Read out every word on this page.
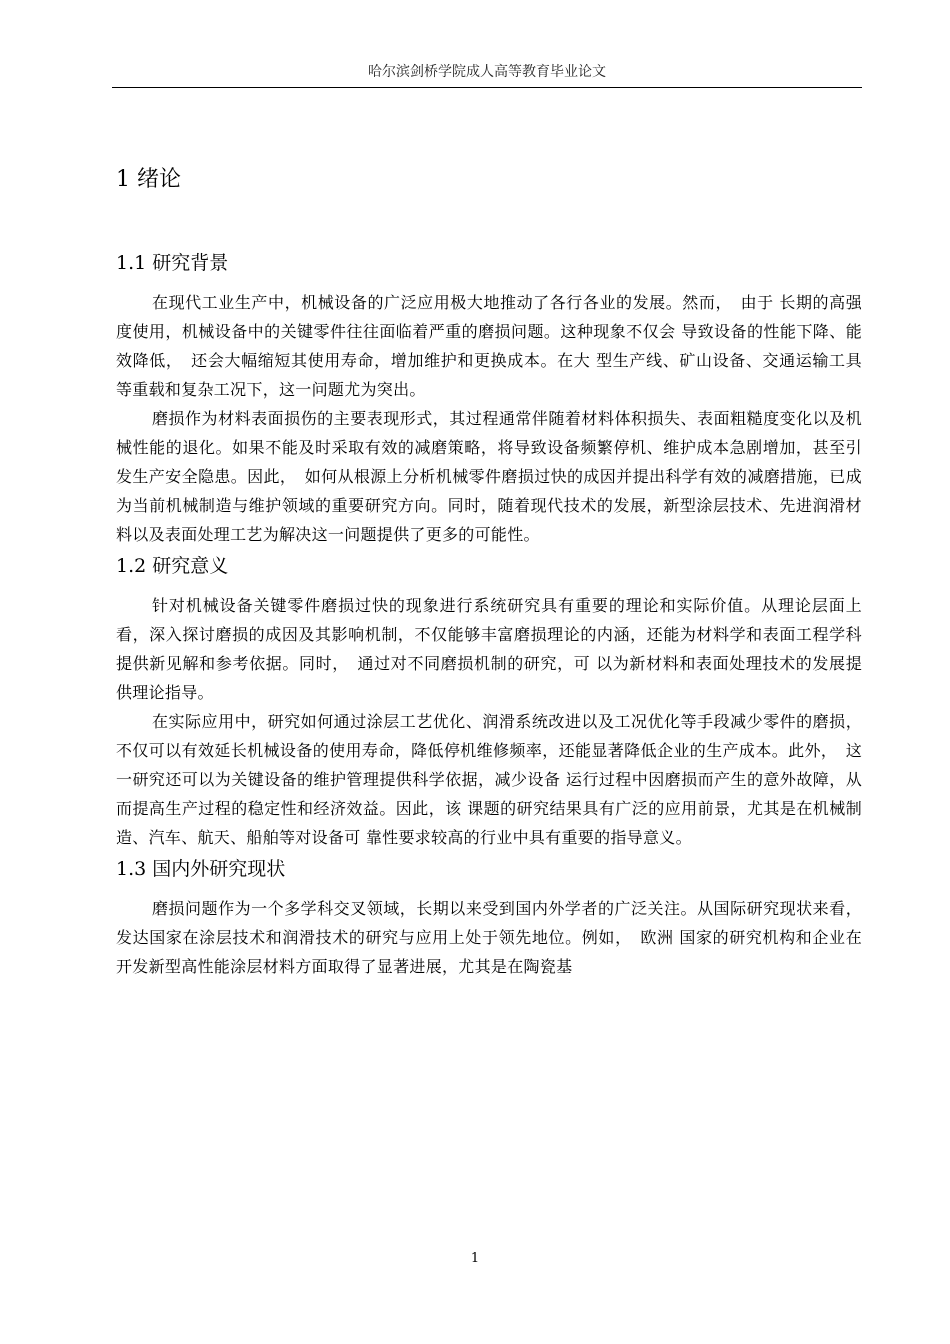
哈尔滨剑桥学院成人高等教育毕业论文
1 绪论
1.1 研究背景

在现代工业生产中，机械设备的广泛应用极大地推动了各行各业的发展。然而，　由于 长期的高强度使用，机械设备中的关键零件往往面临着严重的磨损问题。这种现象不仅会 导致设备的性能下降、能效降低，　还会大幅缩短其使用寿命，增加维护和更换成本。在大 型生产线、矿山设备、交通运输工具等重载和复杂工况下，这一问题尤为突出。

磨损作为材料表面损伤的主要表现形式，其过程通常伴随着材料体积损失、表面粗糙度变化以及机械性能的退化。如果不能及时采取有效的减磨策略，将导致设备频繁停机、维护成本急剧增加，甚至引发生产安全隐患。因此，　如何从根源上分析机械零件磨损过快的成因并提出科学有效的减磨措施，已成为当前机械制造与维护领域的重要研究方向。同时，随着现代技术的发展，新型涂层技术、先进润滑材料以及表面处理工艺为解决这一问题提供了更多的可能性。

1.2 研究意义

针对机械设备关键零件磨损过快的现象进行系统研究具有重要的理论和实际价值。从理论层面上看，深入探讨磨损的成因及其影响机制，不仅能够丰富磨损理论的内涵，还能为材料学和表面工程学科提供新见解和参考依据。同时，　通过对不同磨损机制的研究，可 以为新材料和表面处理技术的发展提供理论指导。

在实际应用中，研究如何通过涂层工艺优化、润滑系统改进以及工况优化等手段减少零件的磨损，不仅可以有效延长机械设备的使用寿命，降低停机维修频率，还能显著降低企业的生产成本。此外，　这一研究还可以为关键设备的维护管理提供科学依据，减少设备 运行过程中因磨损而产生的意外故障，从而提高生产过程的稳定性和经济效益。因此，该 课题的研究结果具有广泛的应用前景，尤其是在机械制造、汽车、航天、船舶等对设备可 靠性要求较高的行业中具有重要的指导意义。

1.3 国内外研究现状

磨损问题作为一个多学科交叉领域，长期以来受到国内外学者的广泛关注。从国际研究现状来看，发达国家在涂层技术和润滑技术的研究与应用上处于领先地位。例如，　欧洲 国家的研究机构和企业在开发新型高性能涂层材料方面取得了显著进展，尤其是在陶瓷基

1
